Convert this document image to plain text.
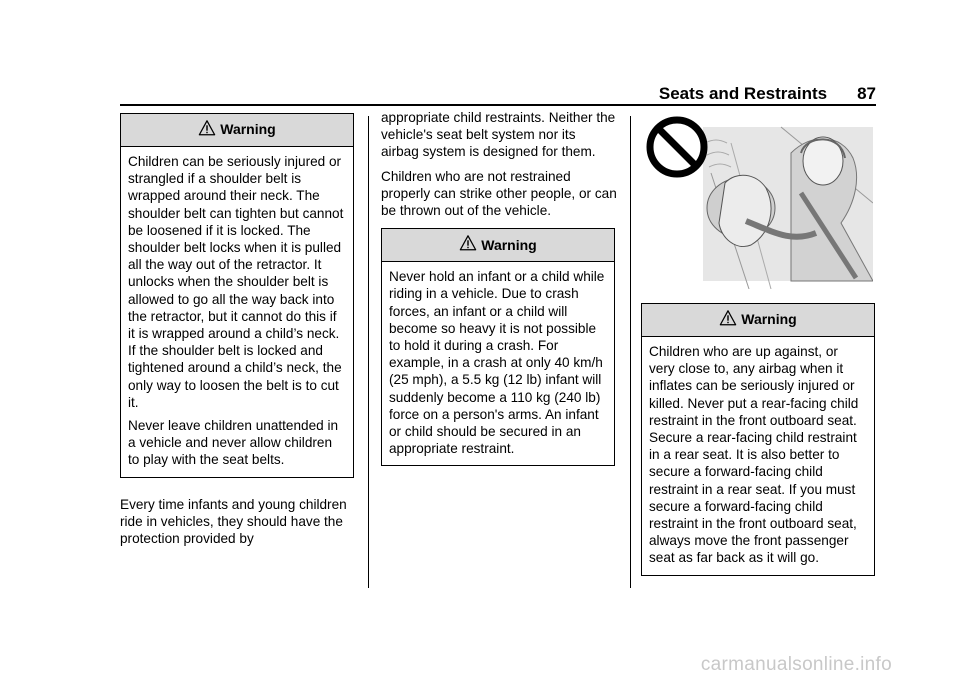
Seats and Restraints 87
Warning

Children can be seriously injured or strangled if a shoulder belt is wrapped around their neck. The shoulder belt can tighten but cannot be loosened if it is locked. The shoulder belt locks when it is pulled all the way out of the retractor. It unlocks when the shoulder belt is allowed to go all the way back into the retractor, but it cannot do this if it is wrapped around a child’s neck. If the shoulder belt is locked and tightened around a child’s neck, the only way to loosen the belt is to cut it.

Never leave children unattended in a vehicle and never allow children to play with the seat belts.

Every time infants and young children ride in vehicles, they should have the protection provided by

appropriate child restraints. Neither the vehicle's seat belt system nor its airbag system is designed for them.

Children who are not restrained properly can strike other people, or can be thrown out of the vehicle.

Warning

Never hold an infant or a child while riding in a vehicle. Due to crash forces, an infant or a child will become so heavy it is not possible to hold it during a crash. For example, in a crash at only 40 km/h (25 mph), a 5.5 kg (12 lb) infant will suddenly become a 110 kg (240 lb) force on a person's arms. An infant or child should be secured in an appropriate restraint.

Warning

Children who are up against, or very close to, any airbag when it inflates can be seriously injured or killed. Never put a rear-facing child restraint in the front outboard seat. Secure a rear-facing child restraint in a rear seat. It is also better to secure a forward-facing child restraint in a rear seat. If you must secure a forward-facing child restraint in the front outboard seat, always move the front passenger seat as far back as it will go.

carmanualsonline.info
